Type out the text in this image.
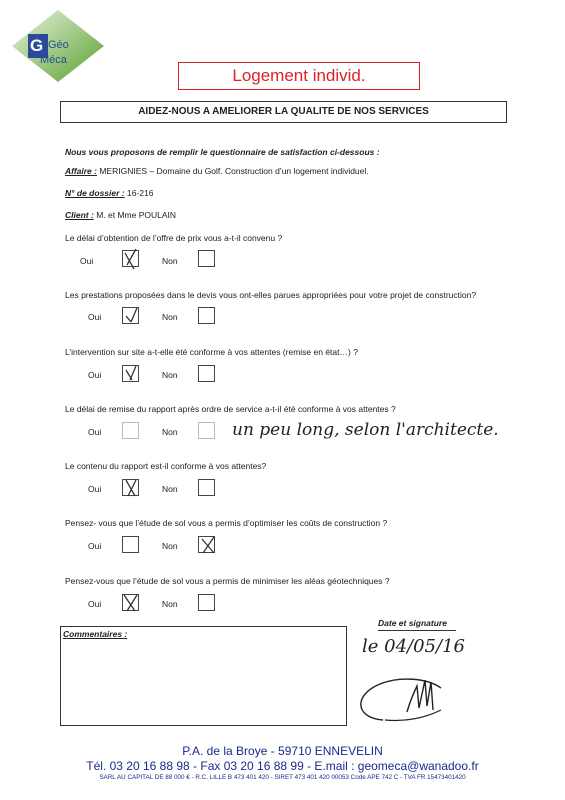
G Géo
Méca
Logement individ.
AIDEZ-NOUS A AMELIORER LA QUALITE DE NOS SERVICES
Nous vous proposons de remplir le questionnaire de satisfaction ci-dessous :
Affaire : MERIGNIES – Domaine du Golf. Construction d’un logement individuel.
N° de dossier : 16-216
Client : M. et Mme POULAIN
Le délai d’obtention de l’offre de prix vous a-t-il convenu ?
Oui	Non
Les prestations proposées dans le devis vous ont-elles parues appropriées pour votre projet de construction?
Oui	Non
L’intervention sur site a-t-elle été conforme à vos attentes (remise en état…) ?
Oui	Non
Le délai de remise du rapport après ordre de service a-t-il été conforme à vos attentes ?
Oui	Non	un peu long, selon l'architecte.
Le contenu du rapport est-il conforme à vos attentes?
Oui	Non
Pensez- vous que l’étude de sol vous a permis d’optimiser les coûts de construction ?
Oui	Non
Pensez-vous que l’étude de sol vous a permis de minimiser les aléas géotechniques ?
Oui	Non
Commentaires :
Date et signature
le 04/05/16
P.A. de la Broye - 59710 ENNEVELIN
Tél. 03 20 16 88 98 - Fax 03 20 16 88 99 - E.mail : geomeca@wanadoo.fr
SARL AU CAPITAL DE 88 000 € - R.C. LILLE B 473 401 420 - SIRET 473 401 420 00053 Code APE 742 C - TVA FR 15473401420
